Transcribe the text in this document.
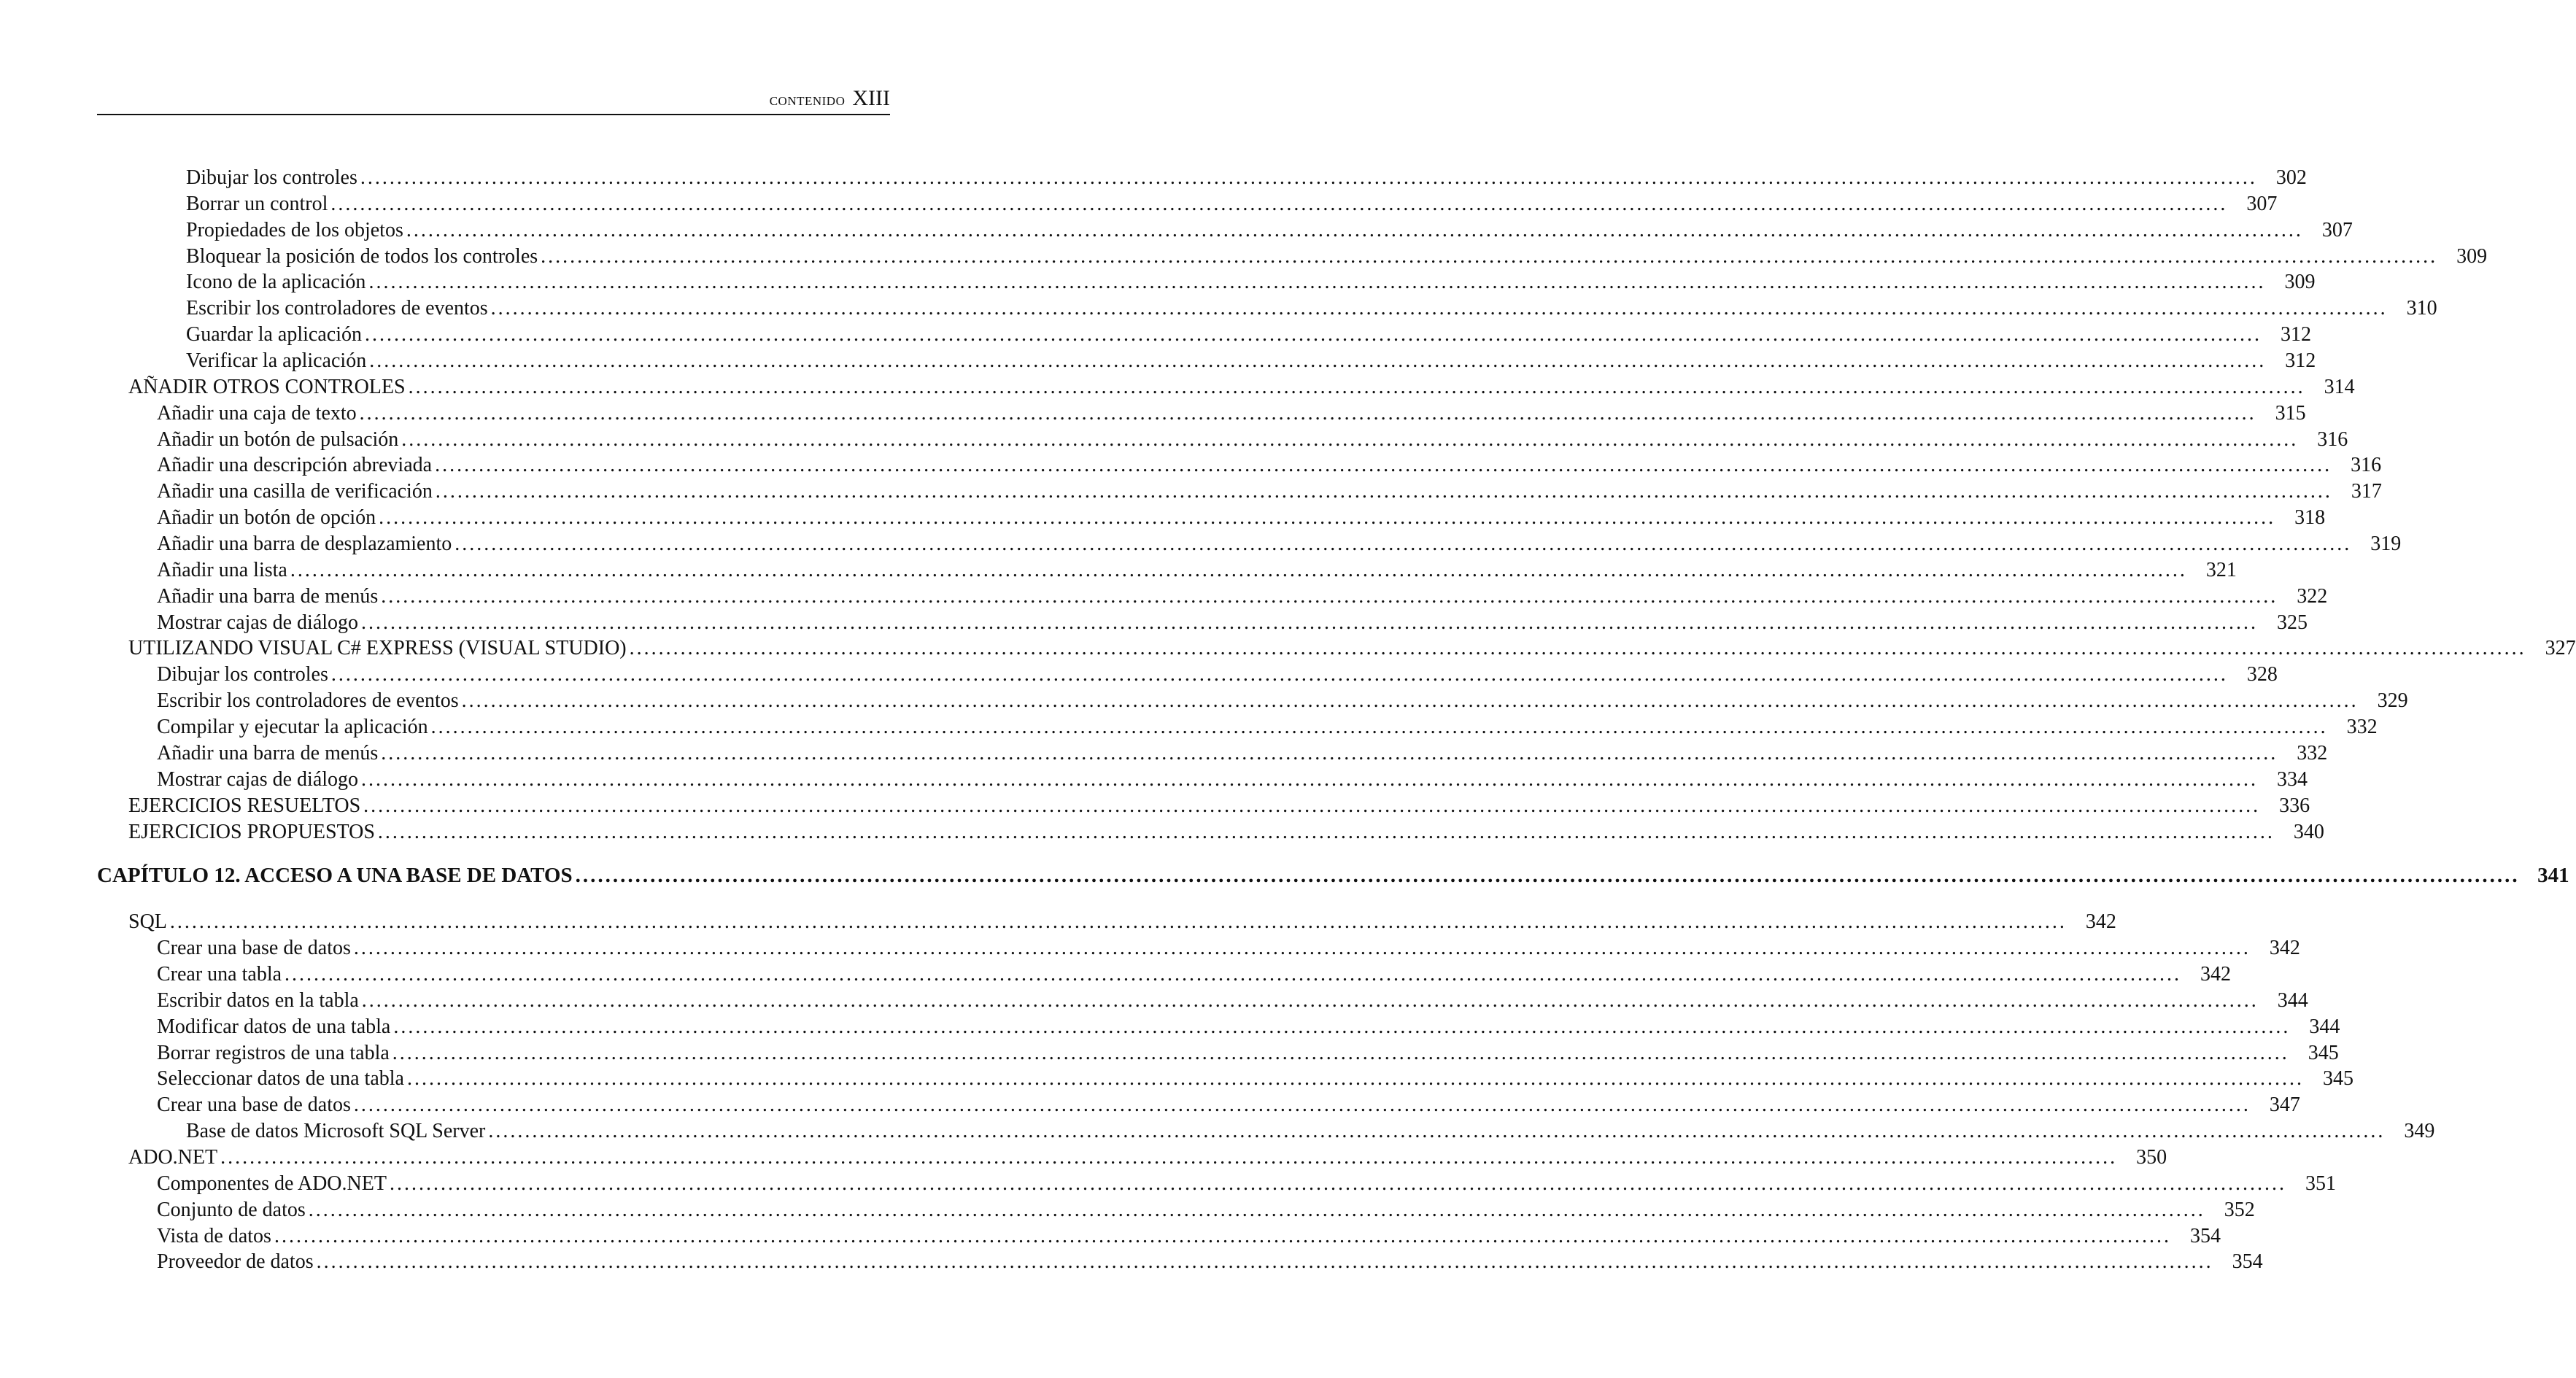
CONTENIDO XIII
Dibujar los controles .................................................................................................................................................................................................................................................................... 302
Borrar un control .................................................................................................................................................................................................................................................................... 307
Propiedades de los objetos .................................................................................................................................................................................................................................................................... 307
Bloquear la posición de todos los controles .................................................................................................................................................................................................................................................................... 309
Icono de la aplicación .................................................................................................................................................................................................................................................................... 309
Escribir los controladores de eventos .................................................................................................................................................................................................................................................................... 310
Guardar la aplicación .................................................................................................................................................................................................................................................................... 312
Verificar la aplicación .................................................................................................................................................................................................................................................................... 312
AÑADIR OTROS CONTROLES .................................................................................................................................................................................................................................................................... 314
Añadir una caja de texto .................................................................................................................................................................................................................................................................... 315
Añadir un botón de pulsación .................................................................................................................................................................................................................................................................... 316
Añadir una descripción abreviada .................................................................................................................................................................................................................................................................... 316
Añadir una casilla de verificación .................................................................................................................................................................................................................................................................... 317
Añadir un botón de opción .................................................................................................................................................................................................................................................................... 318
Añadir una barra de desplazamiento .................................................................................................................................................................................................................................................................... 319
Añadir una lista .................................................................................................................................................................................................................................................................... 321
Añadir una barra de menús .................................................................................................................................................................................................................................................................... 322
Mostrar cajas de diálogo .................................................................................................................................................................................................................................................................... 325
UTILIZANDO VISUAL C# EXPRESS (VISUAL STUDIO) .................................................................................................................................................................................................................................................................... 327
Dibujar los controles .................................................................................................................................................................................................................................................................... 328
Escribir los controladores de eventos .................................................................................................................................................................................................................................................................... 329
Compilar y ejecutar la aplicación .................................................................................................................................................................................................................................................................... 332
Añadir una barra de menús .................................................................................................................................................................................................................................................................... 332
Mostrar cajas de diálogo .................................................................................................................................................................................................................................................................... 334
EJERCICIOS RESUELTOS .................................................................................................................................................................................................................................................................... 336
EJERCICIOS PROPUESTOS .................................................................................................................................................................................................................................................................... 340
CAPÍTULO 12. ACCESO A UNA BASE DE DATOS .................................................................................................................................................................................................................................................................... 341
SQL .................................................................................................................................................................................................................................................................... 342
Crear una base de datos .................................................................................................................................................................................................................................................................... 342
Crear una tabla .................................................................................................................................................................................................................................................................... 342
Escribir datos en la tabla .................................................................................................................................................................................................................................................................... 344
Modificar datos de una tabla .................................................................................................................................................................................................................................................................... 344
Borrar registros de una tabla .................................................................................................................................................................................................................................................................... 345
Seleccionar datos de una tabla .................................................................................................................................................................................................................................................................... 345
Crear una base de datos .................................................................................................................................................................................................................................................................... 347
Base de datos Microsoft SQL Server .................................................................................................................................................................................................................................................................... 349
ADO.NET .................................................................................................................................................................................................................................................................... 350
Componentes de ADO.NET .................................................................................................................................................................................................................................................................... 351
Conjunto de datos .................................................................................................................................................................................................................................................................... 352
Vista de datos .................................................................................................................................................................................................................................................................... 354
Proveedor de datos .................................................................................................................................................................................................................................................................... 354
